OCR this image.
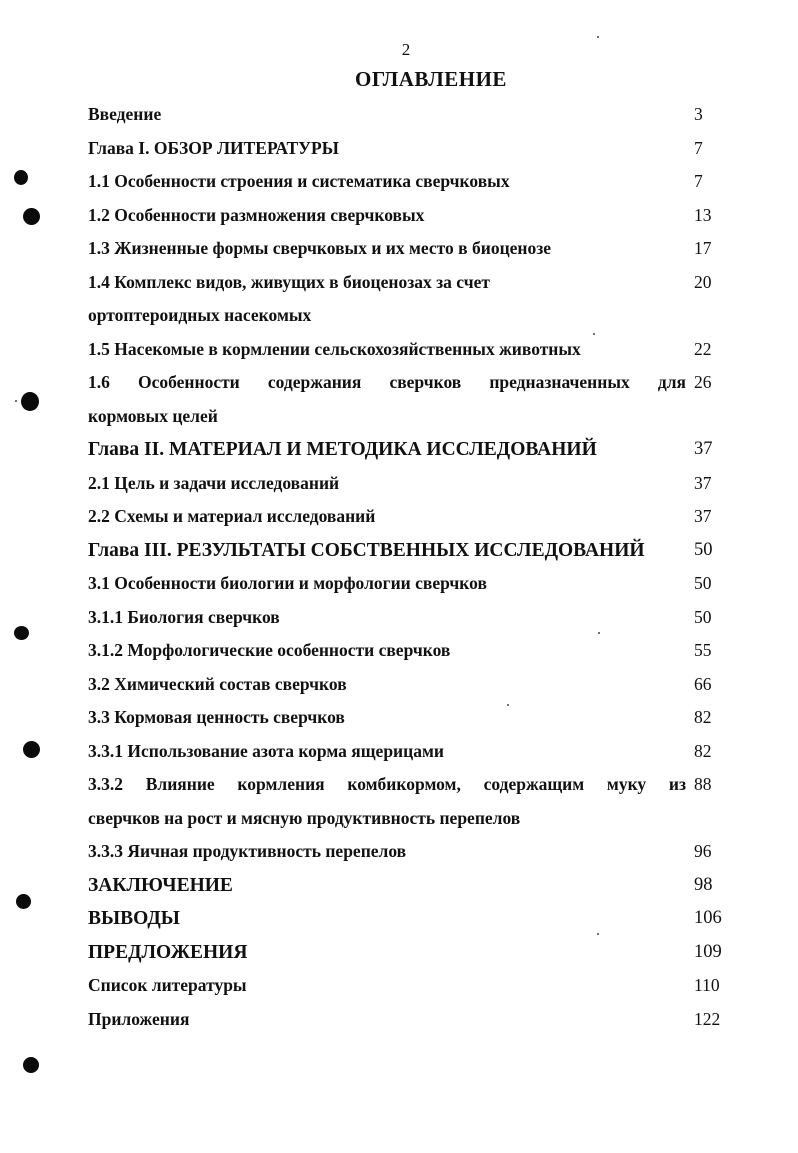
2
ОГЛАВЛЕНИЕ
Введение	3
Глава I. ОБЗОР ЛИТЕРАТУРЫ	7
1.1 Особенности строения и систематика сверчковых	7
1.2 Особенности размножения сверчковых	13
1.3 Жизненные формы сверчковых и их место в биоценозе	17
1.4 Комплекс видов, живущих в биоценозах за счет	20
ортоптероидных насекомых
1.5 Насекомые в кормлении сельскохозяйственных животных	22
1.6 Особенности содержания сверчков предназначенных для 26
кормовых целей
Глава II. МАТЕРИАЛ И МЕТОДИКА ИССЛЕДОВАНИЙ	37
2.1 Цель и задачи исследований	37
2.2 Схемы и материал исследований	37
Глава III. РЕЗУЛЬТАТЫ СОБСТВЕННЫХ ИССЛЕДОВАНИЙ	50
3.1 Особенности биологии и морфологии сверчков	50
3.1.1 Биология сверчков	50
3.1.2 Морфологические особенности сверчков	55
3.2 Химический состав сверчков	66
3.3 Кормовая ценность сверчков	82
3.3.1 Использование азота корма ящерицами	82
3.3.2 Влияние кормления комбикормом, содержащим муку из 88
сверчков на рост и мясную продуктивность перепелов
3.3.3 Яичная продуктивность перепелов	96
ЗАКЛЮЧЕНИЕ	98
ВЫВОДЫ	106
ПРЕДЛОЖЕНИЯ	109
Список литературы	110
Приложения	122
